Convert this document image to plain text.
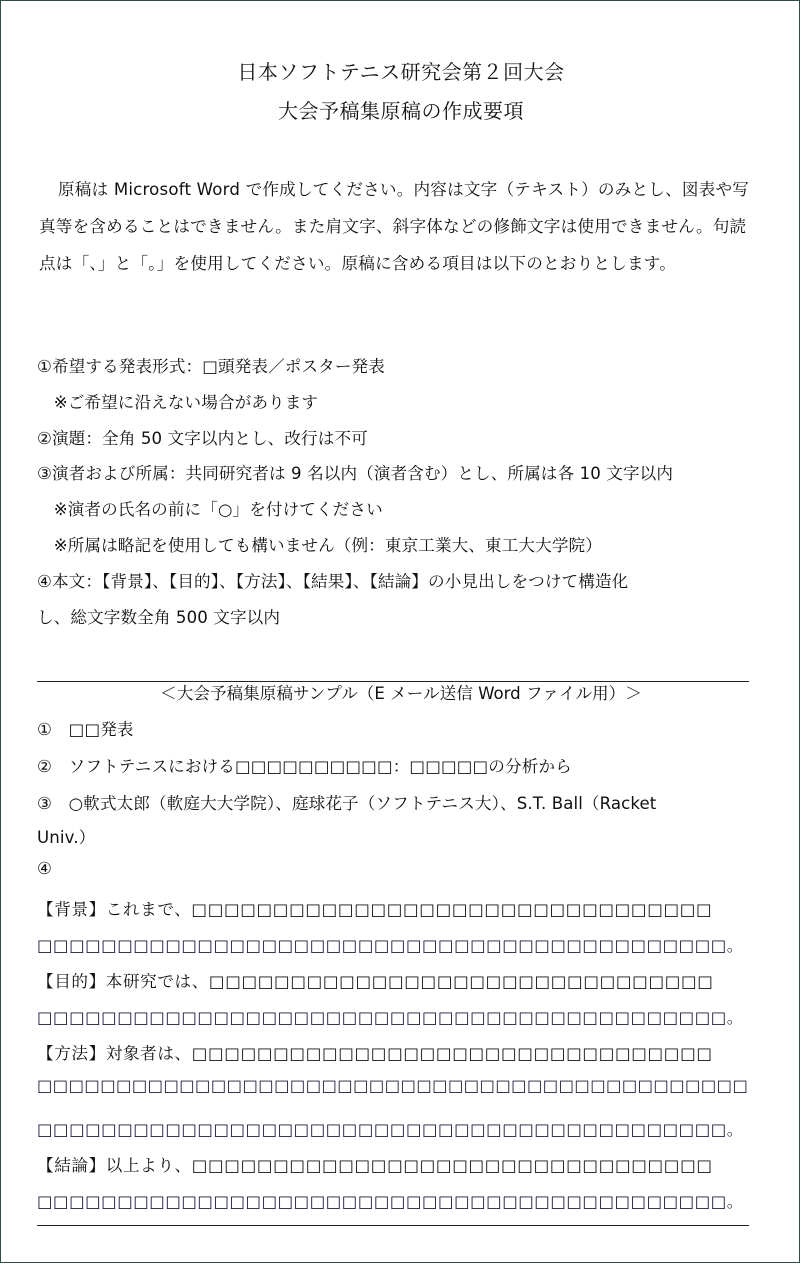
日本ソフトテニス研究会第２回大会
大会予稿集原稿の作成要項
原稿は Microsoft Word で作成してください。内容は文字（テキスト）のみとし、図表や写真等を含めることはできません。また肩文字、斜字体などの修飾文字は使用できません。句読点は「、」と「。」を使用してください。原稿に含める項目は以下のとおりとします。
①希望する発表形式：□頭発表／ポスター発表
　※ご希望に沿えない場合があります
②演題：全角 50 文字以内とし、改行は不可
③演者および所属：共同研究者は 9 名以内（演者含む）とし、所属は各 10 文字以内
　※演者の氏名の前に「○」を付けてください
　※所属は略記を使用しても構いません（例：東京工業大、東工大大学院）
④本文：【背景】、【目的】、【方法】、【結果】、【結論】の小見出しをつけて構造化
し、総文字数全角 500 文字以内
＜大会予稿集原稿サンプル（E メール送信 Word ファイル用）＞
①　□□発表
②　ソフトテニスにおける□□□□□□□□□□：□□□□□の分析から
③　○軟式太郎（軟庭大大学院）、庭球花子（ソフトテニス大）、S.T. Ball（Racket
Univ.）
④
【背景】これまで、□□□□□□□□□□□□□□□□□□□□□□□□□□□□□□□□
□□□□□□□□□□□□□□□□□□□□□□□□□□□□□□□□□□□□□□□□□□□。
【目的】本研究では、□□□□□□□□□□□□□□□□□□□□□□□□□□□□□□□
□□□□□□□□□□□□□□□□□□□□□□□□□□□□□□□□□□□□□□□□□□□。
【方法】対象者は、□□□□□□□□□□□□□□□□□□□□□□□□□□□□□□□□
□□□□□□□□□□□□□□□□□□□□□□□□□□□□□□□□□□□□□□□□□□□□□
□□□□□□□□□□□□□□□□□□□□□□□□□□□□□□□□□□□□□□□□□□□。
【結論】以上より、□□□□□□□□□□□□□□□□□□□□□□□□□□□□□□□□
□□□□□□□□□□□□□□□□□□□□□□□□□□□□□□□□□□□□□□□□□□□。
